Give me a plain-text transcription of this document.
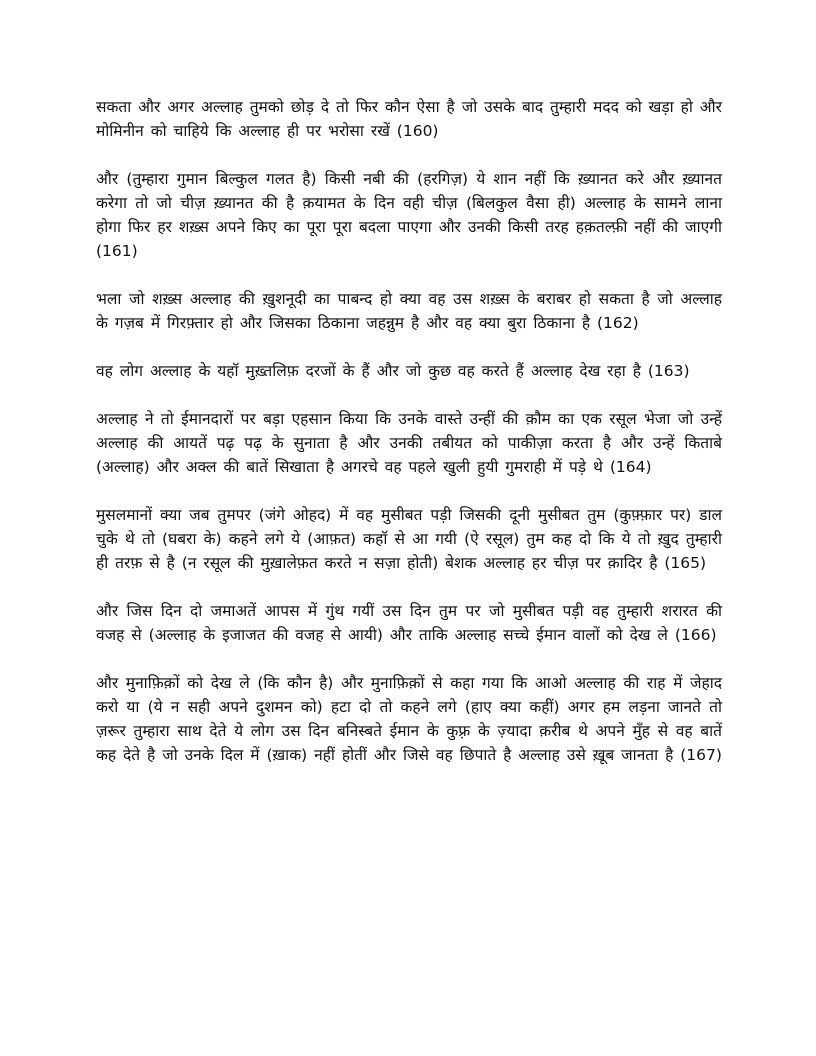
सकता और अगर अल्लाह तुमको छोड़ दे तो फिर कौन ऐसा है जो उसके बाद तुम्हारी मदद को खड़ा हो और मोमिनीन को चाहिये कि अल्लाह ही पर भरोसा रखें (160)

और (तुम्हारा गुमान बिल्कुल गलत है) किसी नबी की (हरगिज़) ये शान नहीं कि ख़्यानत करे और ख़्यानत करेगा तो जो चीज़ ख़्यानत की है क़यामत के दिन वही चीज़ (बिलकुल वैसा ही) अल्लाह के सामने लाना होगा फिर हर शख़्स अपने किए का पूरा पूरा बदला पाएगा और उनकी किसी तरह हक़तल्फ़ी नहीं की जाएगी (161)

भला जो शख़्स अल्लाह की ख़ुशनूदी का पाबन्द हो क्या वह उस शख़्स के बराबर हो सकता है जो अल्लाह के गज़ब में गिरफ़्तार हो और जिसका ठिकाना जहन्नुम है और वह क्या बुरा ठिकाना है (162)

वह लोग अल्लाह के यहॉ मुख़्तलिफ़ दरजों के हैं और जो कुछ वह करते हैं अल्लाह देख रहा है (163)

अल्लाह ने तो ईमानदारों पर बड़ा एहसान किया कि उनके वास्ते उन्हीं की क़ौम का एक रसूल भेजा जो उन्हें अल्लाह की आयतें पढ़ पढ़ के सुनाता है और उनकी तबीयत को पाकीज़ा करता है और उन्हें किताबे (अल्लाह) और अक्ल की बातें सिखाता है अगरचे वह पहले खुली हुयी गुमराही में पड़े थे (164)

मुसलमानों क्या जब तुमपर (जंगे ओहद) में वह मुसीबत पड़ी जिसकी दूनी मुसीबत तुम (कुफ़्फ़ार पर) डाल चुके थे तो (घबरा के) कहने लगे ये (आफ़त) कहॉ से आ गयी (ऐ रसूल) तुम कह दो कि ये तो ख़ुद तुम्हारी ही तरफ़ से है (न रसूल की मुख़ालेफ़त करते न सज़ा होती) बेशक अल्लाह हर चीज़ पर क़ादिर है (165)

और जिस दिन दो जमाअतें आपस में गुंथ गयीं उस दिन तुम पर जो मुसीबत पड़ी वह तुम्हारी शरारत की वजह से (अल्लाह के इजाजत की वजह से आयी) और ताकि अल्लाह सच्चे ईमान वालों को देख ले (166)

और मुनाफ़िक़ों को देख ले (कि कौन है) और मुनाफ़िक़ों से कहा गया कि आओ अल्लाह की राह में जेहाद करो या (ये न सही अपने दुशमन को) हटा दो तो कहने लगे (हाए क्या कहीं) अगर हम लड़ना जानते तो ज़रूर तुम्हारा साथ देते ये लोग उस दिन बनिस्बते ईमान के कुफ़्र के ज़्यादा क़रीब थे अपने मुँह से वह बातें कह देते है जो उनके दिल में (ख़ाक) नहीं होतीं और जिसे वह छिपाते है अल्लाह उसे ख़ूब जानता है (167)
